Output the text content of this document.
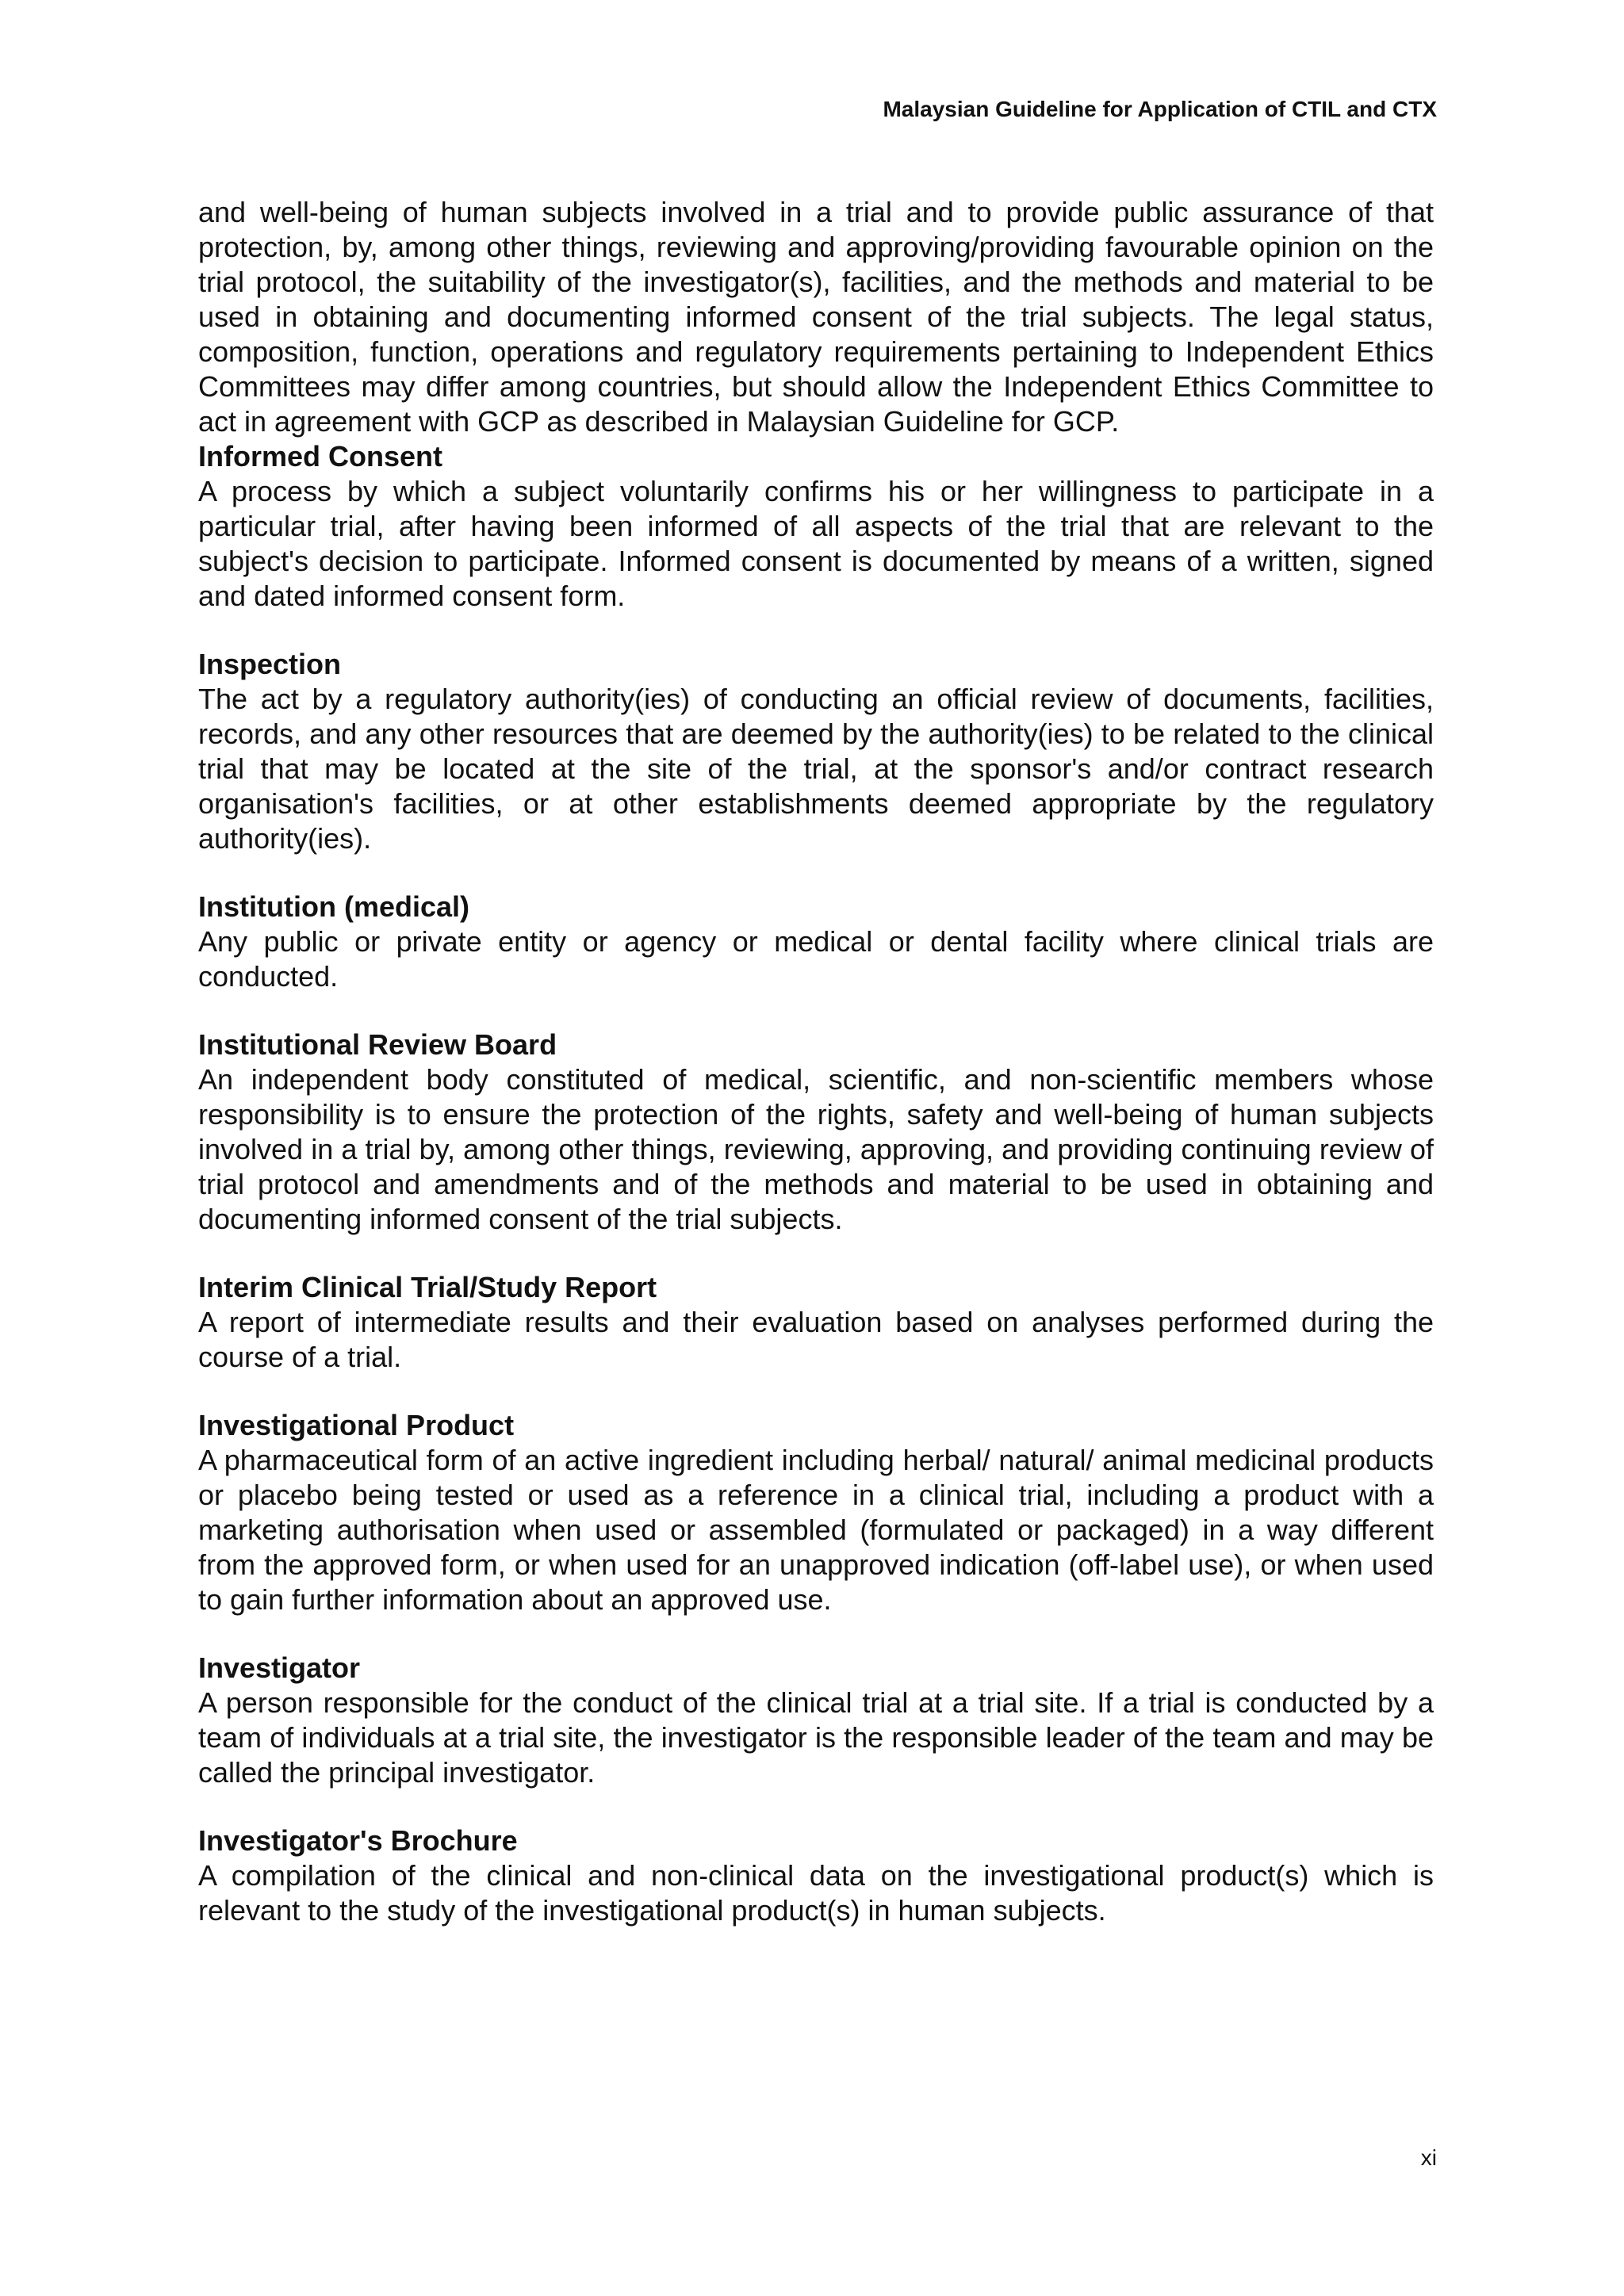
Malaysian Guideline for Application of CTIL and CTX

and well-being of human subjects involved in a trial and to provide public assurance of that protection, by, among other things, reviewing and approving/providing favourable opinion on the trial protocol, the suitability of the investigator(s), facilities, and the methods and material to be used in obtaining and documenting informed consent of the trial subjects. The legal status, composition, function, operations and regulatory requirements pertaining to Independent Ethics Committees may differ among countries, but should allow the Independent Ethics Committee to act in agreement with GCP as described in Malaysian Guideline for GCP.

Informed Consent

A process by which a subject voluntarily confirms his or her willingness to participate in a particular trial, after having been informed of all aspects of the trial that are relevant to the subject's decision to participate. Informed consent is documented by means of a written, signed and dated informed consent form.

Inspection

The act by a regulatory authority(ies) of conducting an official review of documents, facilities, records, and any other resources that are deemed by the authority(ies) to be related to the clinical trial that may be located at the site of the trial, at the sponsor's and/or contract research organisation's facilities, or at other establishments deemed appropriate by the regulatory authority(ies).

Institution (medical)

Any public or private entity or agency or medical or dental facility where clinical trials are conducted.

Institutional Review Board

An independent body constituted of medical, scientific, and non-scientific members whose responsibility is to ensure the protection of the rights, safety and well-being of human subjects involved in a trial by, among other things, reviewing, approving, and providing continuing review of trial protocol and amendments and of the methods and material to be used in obtaining and documenting informed consent of the trial subjects.

Interim Clinical Trial/Study Report

A report of intermediate results and their evaluation based on analyses performed during the course of a trial.

Investigational Product

A pharmaceutical form of an active ingredient including herbal/ natural/ animal medicinal products or placebo being tested or used as a reference in a clinical trial, including a product with a marketing authorisation when used or assembled (formulated or packaged) in a way different from the approved form, or when used for an unapproved indication (off-label use), or when used to gain further information about an approved use.

Investigator

A person responsible for the conduct of the clinical trial at a trial site. If a trial is conducted by a team of individuals at a trial site, the investigator is the responsible leader of the team and may be called the principal investigator.

Investigator's Brochure

A compilation of the clinical and non-clinical data on the investigational product(s) which is relevant to the study of the investigational product(s) in human subjects.

xi
